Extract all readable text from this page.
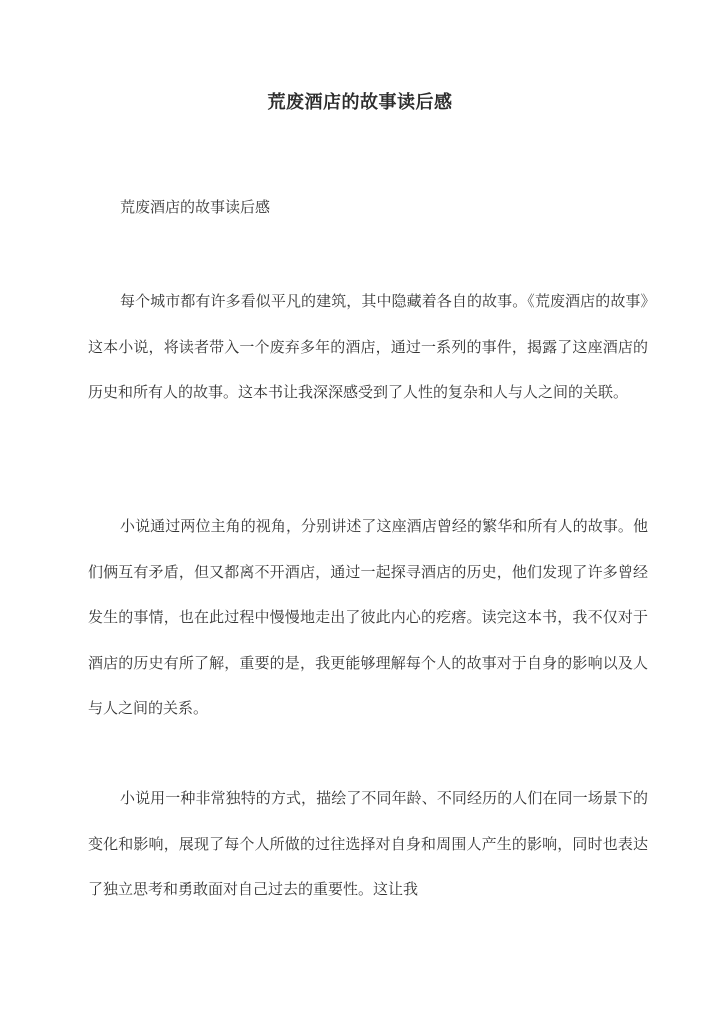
荒废酒店的故事读后感
荒废酒店的故事读后感

每个城市都有许多看似平凡的建筑，其中隐藏着各自的故事。《荒废酒店的故事》这本小说，将读者带入一个废弃多年的酒店，通过一系列的事件，揭露了这座酒店的历史和所有人的故事。这本书让我深深感受到了人性的复杂和人与人之间的关联。

小说通过两位主角的视角，分别讲述了这座酒店曾经的繁华和所有人的故事。他们俩互有矛盾，但又都离不开酒店，通过一起探寻酒店的历史，他们发现了许多曾经发生的事情，也在此过程中慢慢地走出了彼此内心的疙瘩。读完这本书，我不仅对于酒店的历史有所了解，重要的是，我更能够理解每个人的故事对于自身的影响以及人与人之间的关系。

小说用一种非常独特的方式，描绘了不同年龄、不同经历的人们在同一场景下的变化和影响，展现了每个人所做的过往选择对自身和周围人产生的影响，同时也表达了独立思考和勇敢面对自己过去的重要性。这让我
